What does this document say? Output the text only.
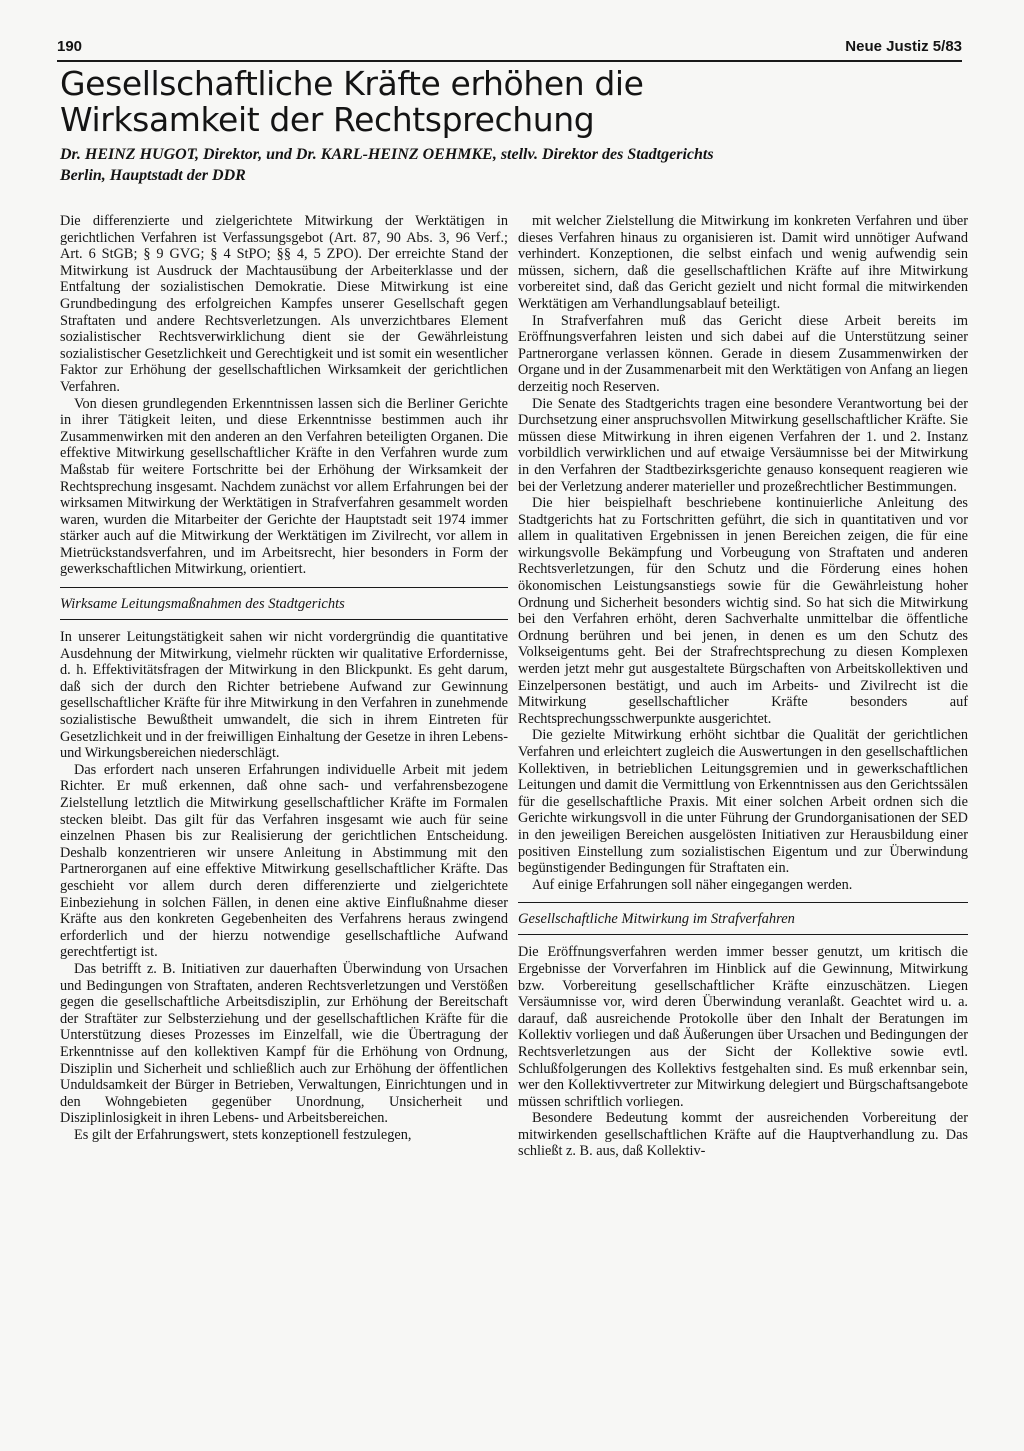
190	Neue Justiz 5/83
Gesellschaftliche Kräfte erhöhen die Wirksamkeit der Rechtsprechung

Dr. HEINZ HUGOT, Direktor, und Dr. KARL-HEINZ OEHMKE, stellv. Direktor des Stadtgerichts Berlin, Hauptstadt der DDR

Die differenzierte und zielgerichtete Mitwirkung der Werktätigen in gerichtlichen Verfahren ist Verfassungsgebot (Art. 87, 90 Abs. 3, 96 Verf.; Art. 6 StGB; § 9 GVG; § 4 StPO; §§ 4, 5 ZPO). Der erreichte Stand der Mitwirkung ist Ausdruck der Machtausübung der Arbeiterklasse und der Entfaltung der sozialistischen Demokratie. Diese Mitwirkung ist eine Grundbedingung des erfolgreichen Kampfes unserer Gesellschaft gegen Straftaten und andere Rechtsverletzungen. Als unverzichtbares Element sozialistischer Rechtsverwirklichung dient sie der Gewährleistung sozialistischer Gesetzlichkeit und Gerechtigkeit und ist somit ein wesentlicher Faktor zur Erhöhung der gesellschaftlichen Wirksamkeit der gerichtlichen Verfahren.

Von diesen grundlegenden Erkenntnissen lassen sich die Berliner Gerichte in ihrer Tätigkeit leiten, und diese Erkenntnisse bestimmen auch ihr Zusammenwirken mit den anderen an den Verfahren beteiligten Organen. Die effektive Mitwirkung gesellschaftlicher Kräfte in den Verfahren wurde zum Maßstab für weitere Fortschritte bei der Erhöhung der Wirksamkeit der Rechtsprechung insgesamt. Nachdem zunächst vor allem Erfahrungen bei der wirksamen Mitwirkung der Werktätigen in Strafverfahren gesammelt worden waren, wurden die Mitarbeiter der Gerichte der Hauptstadt seit 1974 immer stärker auch auf die Mitwirkung der Werktätigen im Zivilrecht, vor allem in Mietrückstandsverfahren, und im Arbeitsrecht, hier besonders in Form der gewerkschaftlichen Mitwirkung, orientiert.

Wirksame Leitungsmaßnahmen des Stadtgerichts

In unserer Leitungstätigkeit sahen wir nicht vordergründig die quantitative Ausdehnung der Mitwirkung, vielmehr rückten wir qualitative Erfordernisse, d. h. Effektivitätsfragen der Mitwirkung in den Blickpunkt. Es geht darum, daß sich der durch den Richter betriebene Aufwand zur Gewinnung gesellschaftlicher Kräfte für ihre Mitwirkung in den Verfahren in zunehmende sozialistische Bewußtheit umwandelt, die sich in ihrem Eintreten für Gesetzlichkeit und in der freiwilligen Einhaltung der Gesetze in ihren Lebens- und Wirkungsbereichen niederschlägt.

Das erfordert nach unseren Erfahrungen individuelle Arbeit mit jedem Richter. Er muß erkennen, daß ohne sach- und verfahrensbezogene Zielstellung letztlich die Mitwirkung gesellschaftlicher Kräfte im Formalen stecken bleibt. Das gilt für das Verfahren insgesamt wie auch für seine einzelnen Phasen bis zur Realisierung der gerichtlichen Entscheidung. Deshalb konzentrieren wir unsere Anleitung in Abstimmung mit den Partnerorganen auf eine effektive Mitwirkung gesellschaftlicher Kräfte. Das geschieht vor allem durch deren differenzierte und zielgerichtete Einbeziehung in solchen Fällen, in denen eine aktive Einflußnahme dieser Kräfte aus den konkreten Gegebenheiten des Verfahrens heraus zwingend erforderlich und der hierzu notwendige gesellschaftliche Aufwand gerechtfertigt ist.

Das betrifft z. B. Initiativen zur dauerhaften Überwindung von Ursachen und Bedingungen von Straftaten, anderen Rechtsverletzungen und Verstößen gegen die gesellschaftliche Arbeitsdisziplin, zur Erhöhung der Bereitschaft der Straftäter zur Selbsterziehung und der gesellschaftlichen Kräfte für die Unterstützung dieses Prozesses im Einzelfall, wie die Übertragung der Erkenntnisse auf den kollektiven Kampf für die Erhöhung von Ordnung, Disziplin und Sicherheit und schließlich auch zur Erhöhung der öffentlichen Unduldsamkeit der Bürger in Betrieben, Verwaltungen, Einrichtungen und in den Wohngebieten gegenüber Unordnung, Unsicherheit und Disziplinlosigkeit in ihren Lebens- und Arbeitsbereichen.

Es gilt der Erfahrungswert, stets konzeptionell festzulegen,

mit welcher Zielstellung die Mitwirkung im konkreten Verfahren und über dieses Verfahren hinaus zu organisieren ist. Damit wird unnötiger Aufwand verhindert. Konzeptionen, die selbst einfach und wenig aufwendig sein müssen, sichern, daß die gesellschaftlichen Kräfte auf ihre Mitwirkung vorbereitet sind, daß das Gericht gezielt und nicht formal die mitwirkenden Werktätigen am Verhandlungsablauf beteiligt.

In Strafverfahren muß das Gericht diese Arbeit bereits im Eröffnungsverfahren leisten und sich dabei auf die Unterstützung seiner Partnerorgane verlassen können. Gerade in diesem Zusammenwirken der Organe und in der Zusammenarbeit mit den Werktätigen von Anfang an liegen derzeitig noch Reserven.

Die Senate des Stadtgerichts tragen eine besondere Verantwortung bei der Durchsetzung einer anspruchsvollen Mitwirkung gesellschaftlicher Kräfte. Sie müssen diese Mitwirkung in ihren eigenen Verfahren der 1. und 2. Instanz vorbildlich verwirklichen und auf etwaige Versäumnisse bei der Mitwirkung in den Verfahren der Stadtbezirksgerichte genauso konsequent reagieren wie bei der Verletzung anderer materieller und prozeßrechtlicher Bestimmungen.

Die hier beispielhaft beschriebene kontinuierliche Anleitung des Stadtgerichts hat zu Fortschritten geführt, die sich in quantitativen und vor allem in qualitativen Ergebnissen in jenen Bereichen zeigen, die für eine wirkungsvolle Bekämpfung und Vorbeugung von Straftaten und anderen Rechtsverletzungen, für den Schutz und die Förderung eines hohen ökonomischen Leistungsanstiegs sowie für die Gewährleistung hoher Ordnung und Sicherheit besonders wichtig sind. So hat sich die Mitwirkung bei den Verfahren erhöht, deren Sachverhalte unmittelbar die öffentliche Ordnung berühren und bei jenen, in denen es um den Schutz des Volkseigentums geht. Bei der Strafrechtsprechung zu diesen Komplexen werden jetzt mehr gut ausgestaltete Bürgschaften von Arbeitskollektiven und Einzelpersonen bestätigt, und auch im Arbeits- und Zivilrecht ist die Mitwirkung gesellschaftlicher Kräfte besonders auf Rechtsprechungsschwerpunkte ausgerichtet.

Die gezielte Mitwirkung erhöht sichtbar die Qualität der gerichtlichen Verfahren und erleichtert zugleich die Auswertungen in den gesellschaftlichen Kollektiven, in betrieblichen Leitungsgremien und in gewerkschaftlichen Leitungen und damit die Vermittlung von Erkenntnissen aus den Gerichtssälen für die gesellschaftliche Praxis. Mit einer solchen Arbeit ordnen sich die Gerichte wirkungsvoll in die unter Führung der Grundorganisationen der SED in den jeweiligen Bereichen ausgelösten Initiativen zur Herausbildung einer positiven Einstellung zum sozialistischen Eigentum und zur Überwindung begünstigender Bedingungen für Straftaten ein.

Auf einige Erfahrungen soll näher eingegangen werden.

Gesellschaftliche Mitwirkung im Strafverfahren

Die Eröffnungsverfahren werden immer besser genutzt, um kritisch die Ergebnisse der Vorverfahren im Hinblick auf die Gewinnung, Mitwirkung bzw. Vorbereitung gesellschaftlicher Kräfte einzuschätzen. Liegen Versäumnisse vor, wird deren Überwindung veranlaßt. Geachtet wird u. a. darauf, daß ausreichende Protokolle über den Inhalt der Beratungen im Kollektiv vorliegen und daß Äußerungen über Ursachen und Bedingungen der Rechtsverletzungen aus der Sicht der Kollektive sowie evtl. Schlußfolgerungen des Kollektivs festgehalten sind. Es muß erkennbar sein, wer den Kollektivvertreter zur Mitwirkung delegiert und Bürgschaftsangebote müssen schriftlich vorliegen.

Besondere Bedeutung kommt der ausreichenden Vorbereitung der mitwirkenden gesellschaftlichen Kräfte auf die Hauptverhandlung zu. Das schließt z. B. aus, daß Kollektiv-
